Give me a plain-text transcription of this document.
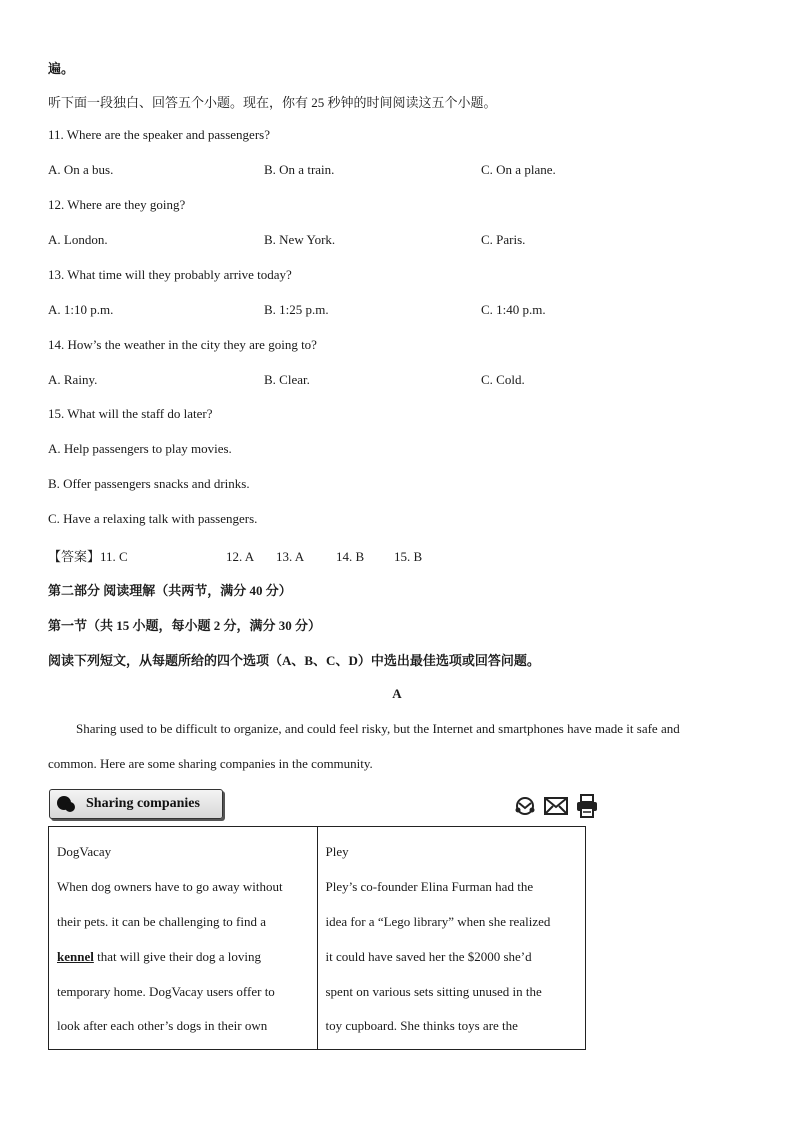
遍。
听下面一段独白、回答五个小题。现在，你有 25 秒钟的时间阅读这五个小题。
11. Where are the speaker and passengers?
A. On a bus.	B. On a train.	C. On a plane.
12. Where are they going?
A. London.	B. New York.	C. Paris.
13. What time will they probably arrive today?
A. 1:10 p.m.	B. 1:25 p.m.	C. 1:40 p.m.
14. How’s the weather in the city they are going to?
A. Rainy.	B. Clear.	C. Cold.
15. What will the staff do later?
A. Help passengers to play movies.
B. Offer passengers snacks and drinks.
C. Have a relaxing talk with passengers.
【答案】11. C	12. A 13. A 14. B 15. B
第二部分 阅读理解（共两节，满分 40 分）
第一节（共 15 小题，每小题 2 分，满分 30 分）
阅读下列短文，从每题所给的四个选项（A、B、C、D）中选出最佳选项或回答问题。
A
Sharing used to be difficult to organize, and could feel risky, but the Internet and smartphones have made it safe and
common. Here are some sharing companies in the community.
Sharing companies
DogVacay
When dog owners have to go away without
their pets. it can be challenging to find a
kennel that will give their dog a loving
temporary home. DogVacay users offer to
look after each other’s dogs in their own

Pley
Pley’s co-founder Elina Furman had the
idea for a “Lego library” when she realized
it could have saved her the $2000 she’d
spent on various sets sitting unused in the
toy cupboard. She thinks toys are the
